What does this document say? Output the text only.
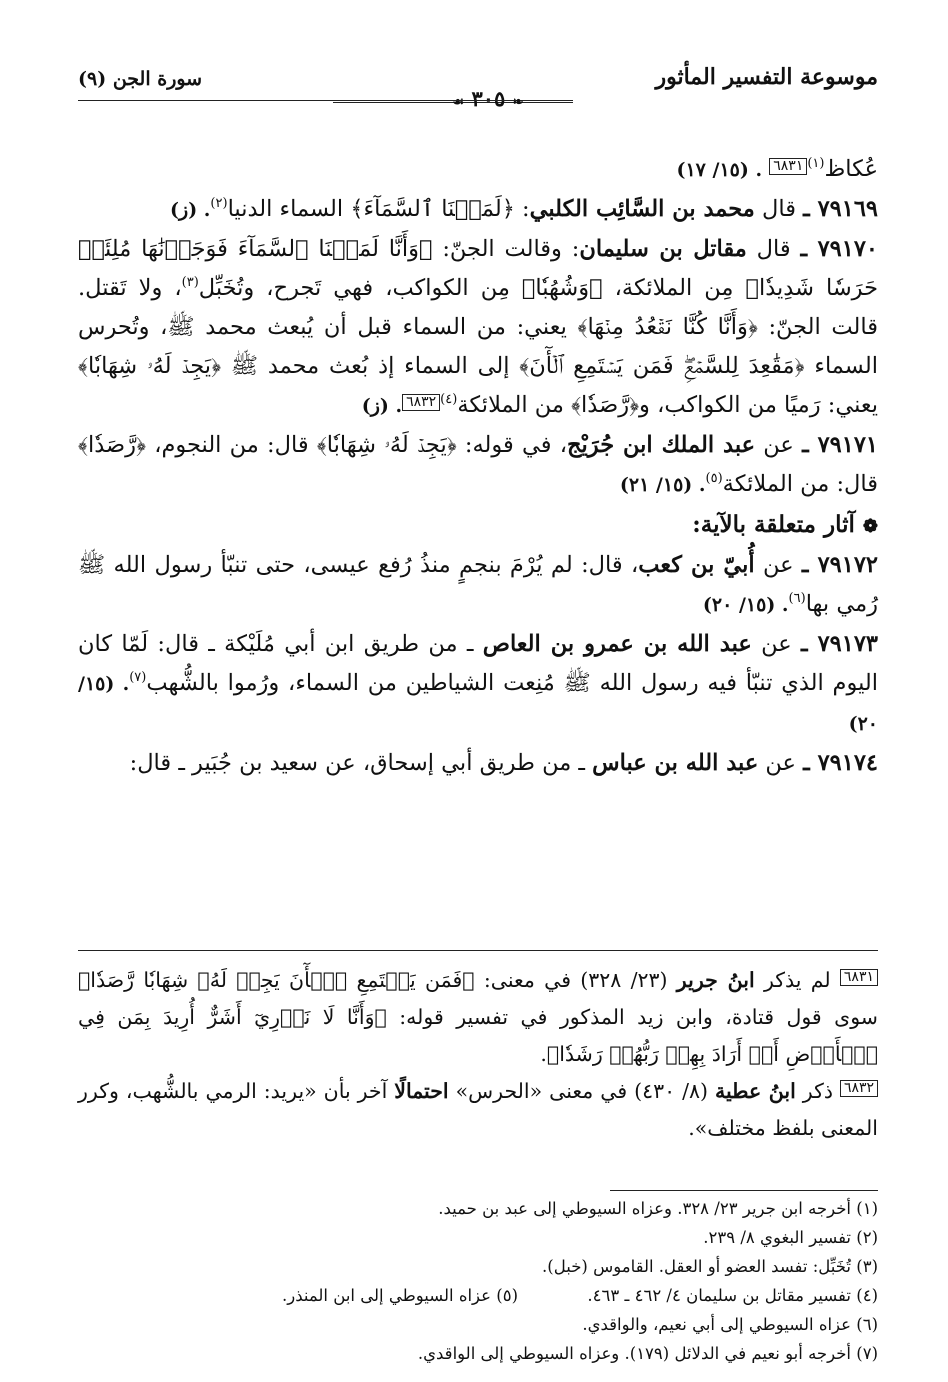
موسوعة التفسير المأثور
❧ ٣٠٥ ☙
سورة الجن (٩)

عُكاظ$^{(١)}$٦٨٣١ . (١٥/ ١٧)

٧٩١٦٩ ـ قال محمد بن السَّائِب الكلبي: ﴿لَمَسۡنَا ٱلسَّمَآءَ﴾ السماء الدنيا$^{(٢)}$. (ز)

٧٩١٧٠ ـ قال مقاتل بن سليمان: وقالت الجنّ: ﴿وَأَنَّا لَمَسۡنَا ٱلسَّمَآءَ فَوَجَدۡنَٰهَا مُلِئَتۡ حَرَسٗا شَدِيدٗا﴾ مِن الملائكة، ﴿وَشُهُبٗا﴾ مِن الكواكب، فهي تَجرح، وتُخَبِّل$^{(٣)}$، ولا تَقتل. قالت الجنّ: ﴿وَأَنَّا كُنَّا نَقۡعُدُ مِنۡهَا﴾ يعني: من السماء قبل أن يُبعث محمد ﷺ، وتُحرس السماء ﴿مَقَٰعِدَ لِلسَّمۡعِۖ فَمَن يَسۡتَمِعِ ٱلۡأٓنَ﴾ إلى السماء إذ بُعث محمد ﷺ ﴿يَجِدۡ لَهُۥ شِهَابٗا﴾ يعني: رَميًا من الكواكب، و﴿رَّصَدٗا﴾ من الملائكة$^{(٤)}$٦٨٣٢. (ز)

٧٩١٧١ ـ عن عبد الملك ابن جُرَيْج، في قوله: ﴿يَجِدۡ لَهُۥ شِهَابٗا﴾ قال: من النجوم، ﴿رَّصَدٗا﴾ قال: من الملائكة$^{(٥)}$. (١٥/ ٢١)

❁ آثار متعلقة بالآية:

٧٩١٧٢ ـ عن أُبيّ بن كعب، قال: لم يُرْمَ بنجمٍ منذُ رُفع عيسى، حتى تنبّأ رسول الله ﷺ رُمي بها$^{(٦)}$. (١٥/ ٢٠)

٧٩١٧٣ ـ عن عبد الله بن عمرو بن العاص ـ من طريق ابن أبي مُلَيْكة ـ قال: لَمّا كان اليوم الذي تنبّأ فيه رسول الله ﷺ مُنِعت الشياطين من السماء، ورُموا بالشُّهب$^{(٧)}$. (١٥/ ٢٠)

٧٩١٧٤ ـ عن عبد الله بن عباس ـ من طريق أبي إسحاق، عن سعيد بن جُبَير ـ قال:

٦٨٣١ لم يذكر ابنُ جرير (٢٣/ ٣٢٨) في معنى: ﴿فَمَن يَسۡتَمِعِ ٱلۡأٓنَ يَجِدۡ لَهُۥ شِهَابٗا رَّصَدٗا﴾ سوى قول قتادة، وابن زيد المذكور في تفسير قوله: ﴿وَأَنَّا لَا نَدۡرِيٓ أَشَرٌّ أُرِيدَ بِمَن فِي ٱلۡأَرۡضِ أَمۡ أَرَادَ بِهِمۡ رَبُّهُمۡ رَشَدٗا﴾.

٦٨٣٢ ذكر ابنُ عطية (٨/ ٤٣٠) في معنى «الحرس» احتمالًا آخر بأن «يريد: الرمي بالشُّهب، وكرر المعنى بلفظ مختلف».

(١) أخرجه ابن جرير ٢٣/ ٣٢٨. وعزاه السيوطي إلى عبد بن حميد.

(٢) تفسير البغوي ٨/ ٢٣٩.

(٣) تُخَبِّل: تفسد العضو أو العقل. القاموس (خبل).

(٤) تفسير مقاتل بن سليمان ٤/ ٤٦٢ ـ ٤٦٣.

(٥) عزاه السيوطي إلى ابن المنذر.

(٦) عزاه السيوطي إلى أبي نعيم، والواقدي.

(٧) أخرجه أبو نعيم في الدلائل (١٧٩). وعزاه السيوطي إلى الواقدي.
